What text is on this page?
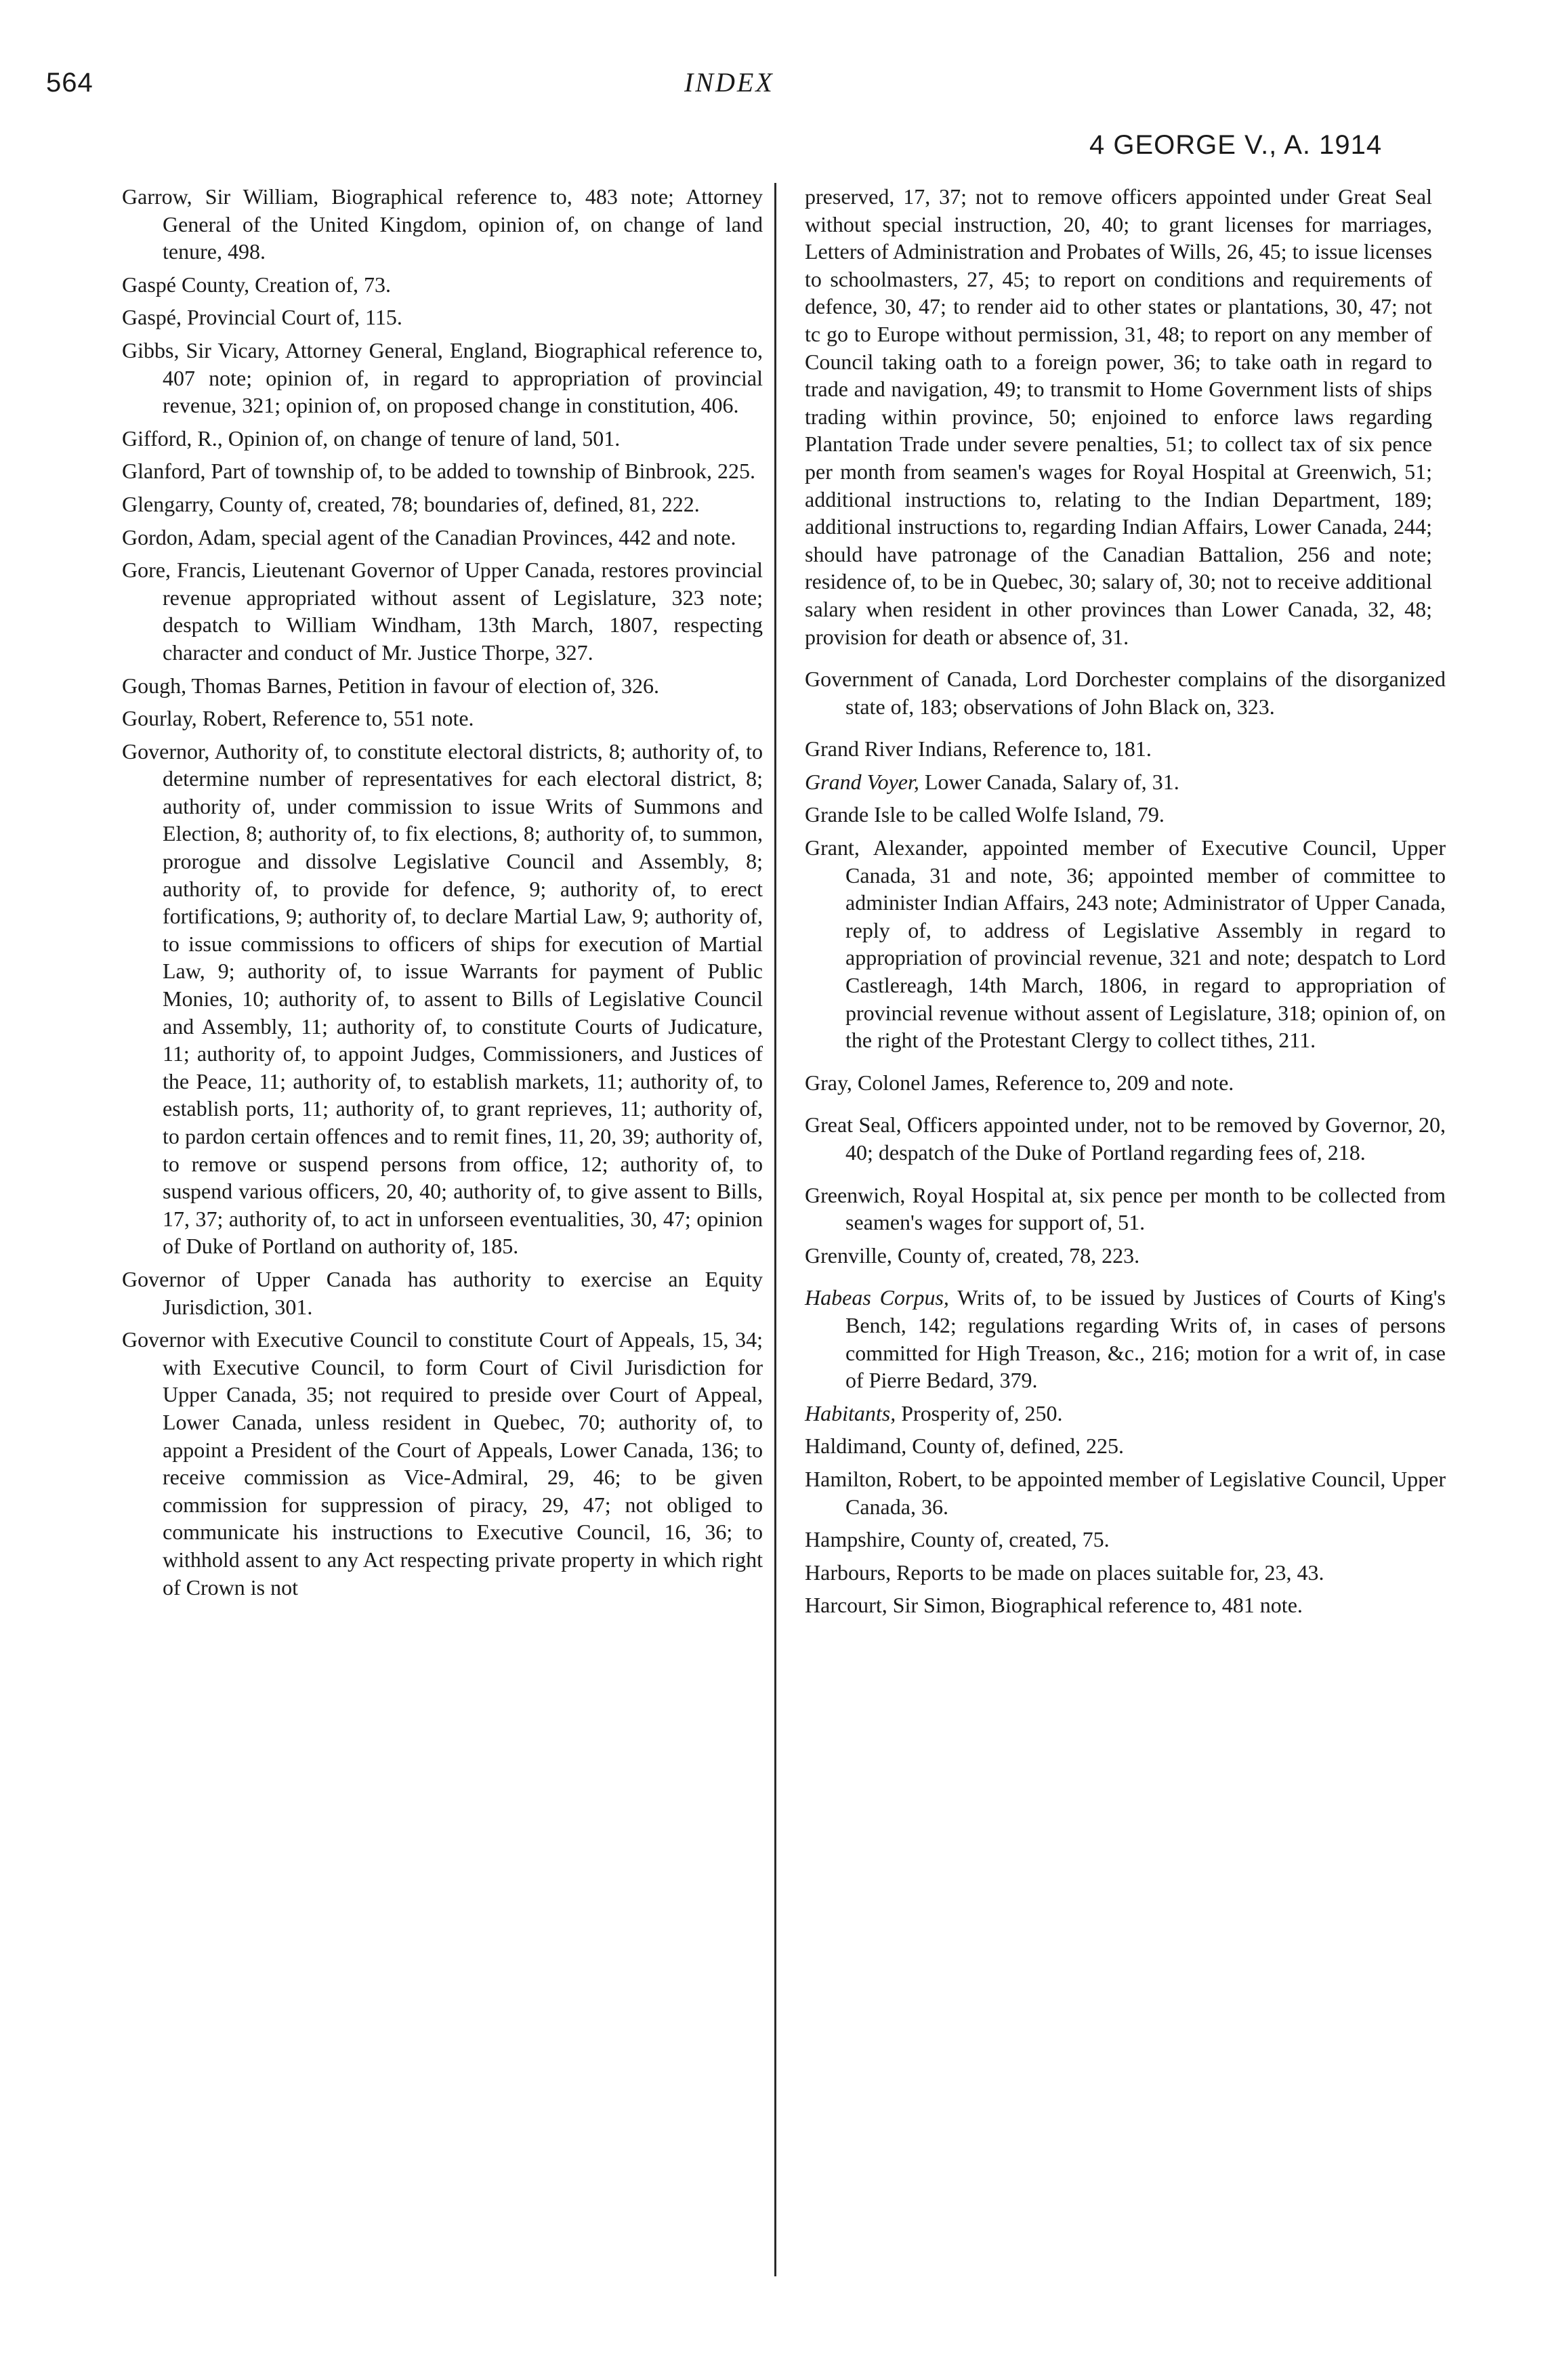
564	INDEX
4 GEORGE V., A. 1914

Garrow, Sir William, Biographical reference to, 483 note; Attorney General of the United Kingdom, opinion of, on change of land tenure, 498.

Gaspé County, Creation of, 73.

Gaspé, Provincial Court of, 115.

Gibbs, Sir Vicary, Attorney General, England, Biographical reference to, 407 note; opinion of, in regard to appropriation of provincial revenue, 321; opinion of, on proposed change in constitution, 406.

Gifford, R., Opinion of, on change of tenure of land, 501.

Glanford, Part of township of, to be added to township of Binbrook, 225.

Glengarry, County of, created, 78; boundaries of, defined, 81, 222.

Gordon, Adam, special agent of the Canadian Provinces, 442 and note.

Gore, Francis, Lieutenant Governor of Upper Canada, restores provincial revenue appropriated without assent of Legislature, 323 note; despatch to William Windham, 13th March, 1807, respecting character and conduct of Mr. Justice Thorpe, 327.

Gough, Thomas Barnes, Petition in favour of election of, 326.

Gourlay, Robert, Reference to, 551 note.

Governor, Authority of, to constitute electoral districts, 8; authority of, to determine number of representatives for each electoral district, 8; authority of, under commission to issue Writs of Summons and Election, 8; authority of, to fix elections, 8; authority of, to summon, prorogue and dissolve Legislative Council and Assembly, 8; authority of, to provide for defence, 9; authority of, to erect fortifications, 9; authority of, to declare Martial Law, 9; authority of, to issue commissions to officers of ships for execution of Martial Law, 9; authority of, to issue Warrants for payment of Public Monies, 10; authority of, to assent to Bills of Legislative Council and Assembly, 11; authority of, to constitute Courts of Judicature, 11; authority of, to appoint Judges, Commissioners, and Justices of the Peace, 11; authority of, to establish markets, 11; authority of, to establish ports, 11; authority of, to grant reprieves, 11; authority of, to pardon certain offences and to remit fines, 11, 20, 39; authority of, to remove or suspend persons from office, 12; authority of, to suspend various officers, 20, 40; authority of, to give assent to Bills, 17, 37; authority of, to act in unforseen eventualities, 30, 47; opinion of Duke of Portland on authority of, 185.

Governor of Upper Canada has authority to exercise an Equity Jurisdiction, 301.

Governor with Executive Council to constitute Court of Appeals, 15, 34; with Executive Council, to form Court of Civil Jurisdiction for Upper Canada, 35; not required to preside over Court of Appeal, Lower Canada, unless resident in Quebec, 70; authority of, to appoint a President of the Court of Appeals, Lower Canada, 136; to receive commission as Vice-Admiral, 29, 46; to be given commission for suppression of piracy, 29, 47; not obliged to communicate his instructions to Executive Council, 16, 36; to withhold assent to any Act respecting private property in which right of Crown is not

preserved, 17, 37; not to remove officers appointed under Great Seal without special instruction, 20, 40; to grant licenses for marriages, Letters of Administration and Probates of Wills, 26, 45; to issue licenses to schoolmasters, 27, 45; to report on conditions and requirements of defence, 30, 47; to render aid to other states or plantations, 30, 47; not tc go to Europe without permission, 31, 48; to report on any member of Council taking oath to a foreign power, 36; to take oath in regard to trade and navigation, 49; to transmit to Home Government lists of ships trading within province, 50; enjoined to enforce laws regarding Plantation Trade under severe penalties, 51; to collect tax of six pence per month from seamen's wages for Royal Hospital at Greenwich, 51; additional instructions to, relating to the Indian Department, 189; additional instructions to, regarding Indian Affairs, Lower Canada, 244; should have patronage of the Canadian Battalion, 256 and note; residence of, to be in Quebec, 30; salary of, 30; not to receive additional salary when resident in other provinces than Lower Canada, 32, 48; provision for death or absence of, 31.

Government of Canada, Lord Dorchester complains of the disorganized state of, 183; observations of John Black on, 323.

Grand River Indians, Reference to, 181.

Grand Voyer, Lower Canada, Salary of, 31.

Grande Isle to be called Wolfe Island, 79.

Grant, Alexander, appointed member of Executive Council, Upper Canada, 31 and note, 36; appointed member of committee to administer Indian Affairs, 243 note; Administrator of Upper Canada, reply of, to address of Legislative Assembly in regard to appropriation of provincial revenue, 321 and note; despatch to Lord Castlereagh, 14th March, 1806, in regard to appropriation of provincial revenue without assent of Legislature, 318; opinion of, on the right of the Protestant Clergy to collect tithes, 211.

Gray, Colonel James, Reference to, 209 and note.

Great Seal, Officers appointed under, not to be removed by Governor, 20, 40; despatch of the Duke of Portland regarding fees of, 218.

Greenwich, Royal Hospital at, six pence per month to be collected from seamen's wages for support of, 51.

Grenville, County of, created, 78, 223.

Habeas Corpus, Writs of, to be issued by Justices of Courts of King's Bench, 142; regulations regarding Writs of, in cases of persons committed for High Treason, &c., 216; motion for a writ of, in case of Pierre Bedard, 379.

Habitants, Prosperity of, 250.

Haldimand, County of, defined, 225.

Hamilton, Robert, to be appointed member of Legislative Council, Upper Canada, 36.

Hampshire, County of, created, 75.

Harbours, Reports to be made on places suitable for, 23, 43.

Harcourt, Sir Simon, Biographical reference to, 481 note.
